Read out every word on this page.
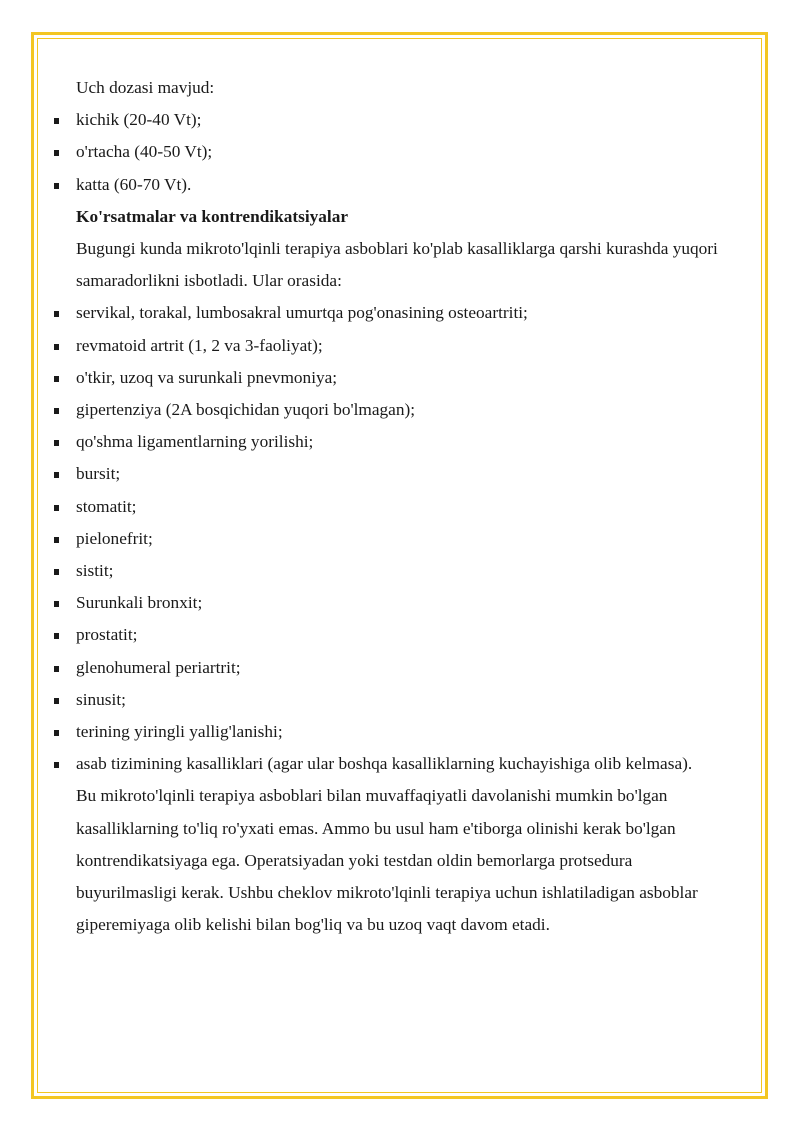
Uch dozasi mavjud:

kichik (20-40 Vt);
o'rtacha (40-50 Vt);
katta (60-70 Vt).

Ko'rsatmalar va kontrendikatsiyalar

Bugungi kunda mikroto'lqinli terapiya asboblari ko'plab kasalliklarga qarshi kurashda yuqori samaradorlikni isbotladi. Ular orasida:

servikal, torakal, lumbosakral umurtqa pog'onasining osteoartriti;
revmatoid artrit (1, 2 va 3-faoliyat);
o'tkir, uzoq va surunkali pnevmoniya;
gipertenziya (2A bosqichidan yuqori bo'lmagan);
qo'shma ligamentlarning yorilishi;
bursit;
stomatit;
pielonefrit;
sistit;
Surunkali bronxit;
prostatit;
glenohumeral periartrit;
sinusit;
terining yiringli yallig'lanishi;
asab tizimining kasalliklari (agar ular boshqa kasalliklarning kuchayishiga olib kelmasa).

Bu mikroto'lqinli terapiya asboblari bilan muvaffaqiyatli davolanishi mumkin bo'lgan kasalliklarning to'liq ro'yxati emas. Ammo bu usul ham e'tiborga olinishi kerak bo'lgan kontrendikatsiyaga ega. Operatsiyadan yoki testdan oldin bemorlarga protsedura buyurilmasligi kerak. Ushbu cheklov mikroto'lqinli terapiya uchun ishlatiladigan asboblar giperemiyaga olib kelishi bilan bog'liq va bu uzoq vaqt davom etadi.
